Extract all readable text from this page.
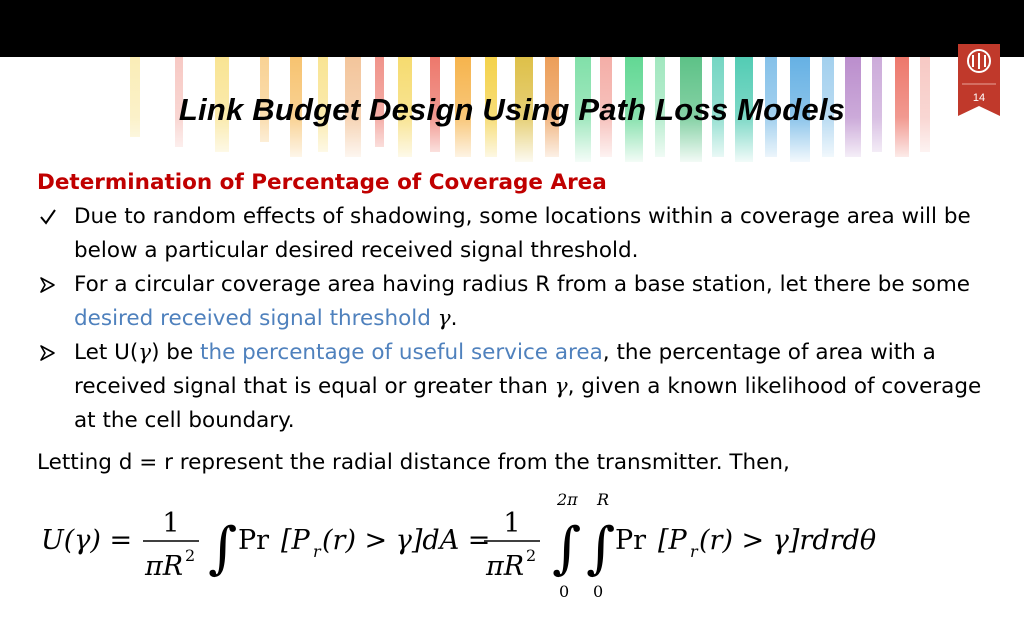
14
Link Budget Design Using Path Loss Models
Determination of Percentage of Coverage Area
Due to random effects of shadowing, some locations within a coverage area will be below a particular desired received signal threshold.
For a circular coverage area having radius R from a base station, let there be some desired received signal threshold γ.
Let U(γ) be the percentage of useful service area, the percentage of area with a received signal that is equal or greater than γ, given a known likelihood of coverage at the cell boundary.
Letting d = r represent the radial distance from the transmitter. Then,
U(γ) =
1
πR 2 ∫ Pr [P r (r) > γ]dA =
1
πR 2
2π
∫
0
R
∫
0
Pr [P r (r) > γ]rdrdθ
